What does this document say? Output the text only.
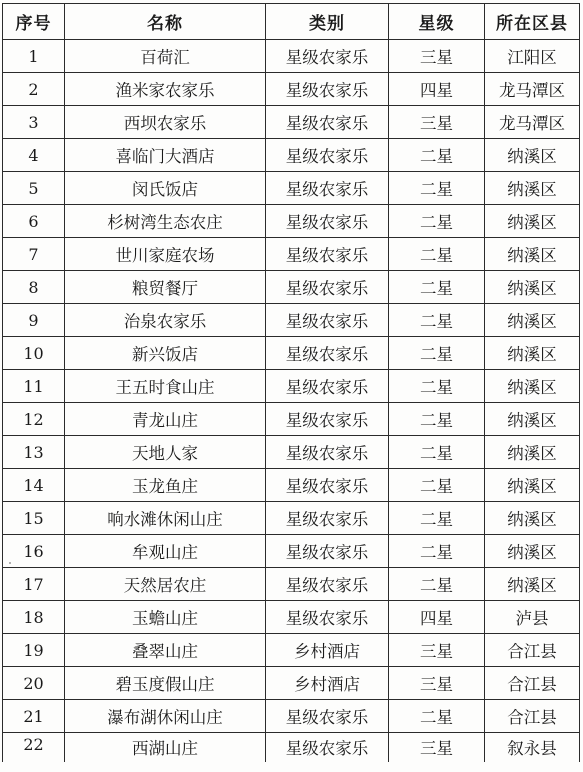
序号	名称	类别	星级	所在区县
1	百荷汇	星级农家乐	三星	江阳区
2	渔米家农家乐	星级农家乐	四星	龙马潭区
3	西坝农家乐	星级农家乐	三星	龙马潭区
4	喜临门大酒店	星级农家乐	二星	纳溪区
5	闵氏饭店	星级农家乐	二星	纳溪区
6	杉树湾生态农庄	星级农家乐	二星	纳溪区
7	世川家庭农场	星级农家乐	二星	纳溪区
8	粮贸餐厅	星级农家乐	二星	纳溪区
9	治泉农家乐	星级农家乐	二星	纳溪区
10	新兴饭店	星级农家乐	二星	纳溪区
11	王五时食山庄	星级农家乐	二星	纳溪区
12	青龙山庄	星级农家乐	二星	纳溪区
13	天地人家	星级农家乐	二星	纳溪区
14	玉龙鱼庄	星级农家乐	二星	纳溪区
15	响水滩休闲山庄	星级农家乐	二星	纳溪区
16	牟观山庄	星级农家乐	二星	纳溪区
17	天然居农庄	星级农家乐	二星	纳溪区
18	玉蟾山庄	星级农家乐	四星	泸县
19	叠翠山庄	乡村酒店	三星	合江县
20	碧玉度假山庄	乡村酒店	三星	合江县
21	瀑布湖休闲山庄	星级农家乐	二星	合江县
22	西湖山庄	星级农家乐	三星	叙永县
